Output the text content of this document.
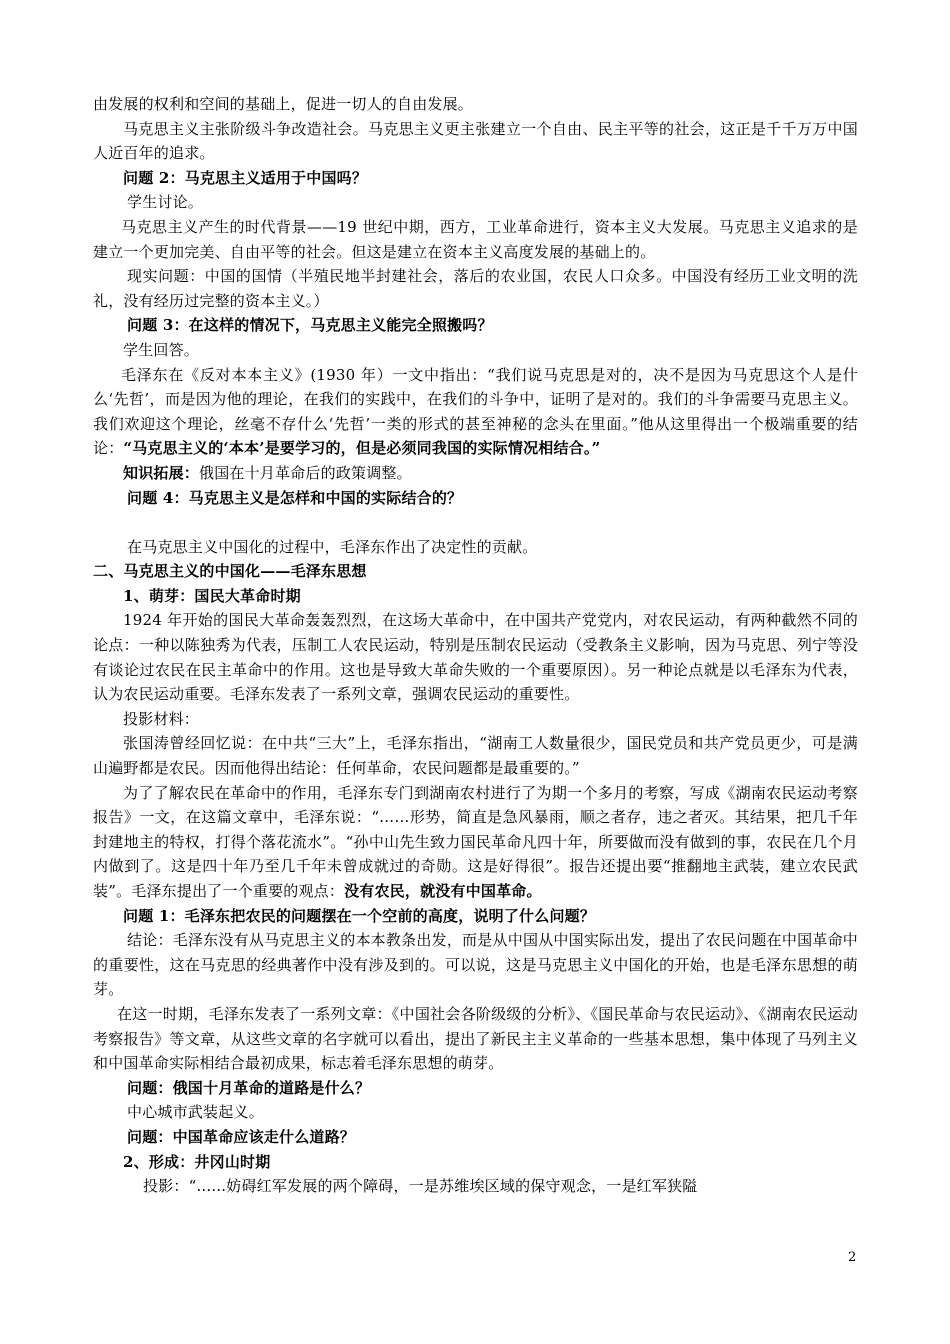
由发展的权利和空间的基础上，促进一切人的自由发展。

马克思主义主张阶级斗争改造社会。马克思主义更主张建立一个自由、民主平等的社会，这正是千千万万中国人近百年的追求。

问题 2：马克思主义适用于中国吗？

学生讨论。

马克思主义产生的时代背景——19 世纪中期，西方，工业革命进行，资本主义大发展。马克思主义追求的是建立一个更加完美、自由平等的社会。但这是建立在资本主义高度发展的基础上的。

现实问题：中国的国情（半殖民地半封建社会，落后的农业国，农民人口众多。中国没有经历工业文明的洗礼，没有经历过完整的资本主义。）

问题 3：在这样的情况下，马克思主义能完全照搬吗？

学生回答。

毛泽东在《反对本本主义》(1930 年）一文中指出：“我们说马克思是对的，决不是因为马克思这个人是什么‘先哲’，而是因为他的理论，在我们的实践中，在我们的斗争中，证明了是对的。我们的斗争需要马克思主义。我们欢迎这个理论，丝毫不存什么‘先哲’一类的形式的甚至神秘的念头在里面。”他从这里得出一个极端重要的结论：“马克思主义的‘本本’是要学习的，但是必须同我国的实际情况相结合。”

知识拓展：俄国在十月革命后的政策调整。

问题 4：马克思主义是怎样和中国的实际结合的？

在马克思主义中国化的过程中，毛泽东作出了决定性的贡献。

二、马克思主义的中国化——毛泽东思想

1、萌芽：国民大革命时期

1924 年开始的国民大革命轰轰烈烈，在这场大革命中，在中国共产党党内，对农民运动，有两种截然不同的论点：一种以陈独秀为代表，压制工人农民运动，特别是压制农民运动（受教条主义影响，因为马克思、列宁等没有谈论过农民在民主革命中的作用。这也是导致大革命失败的一个重要原因）。另一种论点就是以毛泽东为代表，认为农民运动重要。毛泽东发表了一系列文章，强调农民运动的重要性。

投影材料：

张国涛曾经回忆说：在中共“三大”上，毛泽东指出，“湖南工人数量很少，国民党员和共产党员更少，可是满山遍野都是农民。因而他得出结论：任何革命，农民问题都是最重要的。”

为了了解农民在革命中的作用，毛泽东专门到湖南农村进行了为期一个多月的考察，写成《湖南农民运动考察报告》一文，在这篇文章中，毛泽东说：“……形势，简直是急风暴雨，顺之者存，违之者灭。其结果，把几千年封建地主的特权，打得个落花流水”。“孙中山先生致力国民革命凡四十年，所要做而没有做到的事，农民在几个月内做到了。这是四十年乃至几千年未曾成就过的奇勋。这是好得很”。报告还提出要“推翻地主武装，建立农民武装”。毛泽东提出了一个重要的观点：没有农民，就没有中国革命。

问题 1：毛泽东把农民的问题摆在一个空前的高度，说明了什么问题？

结论：毛泽东没有从马克思主义的本本教条出发，而是从中国从中国实际出发，提出了农民问题在中国革命中的重要性，这在马克思的经典著作中没有涉及到的。可以说，这是马克思主义中国化的开始，也是毛泽东思想的萌芽。

在这一时期，毛泽东发表了一系列文章：《中国社会各阶级级的分析》、《国民革命与农民运动》、《湖南农民运动考察报告》等文章，从这些文章的名字就可以看出，提出了新民主主义革命的一些基本思想，集中体现了马列主义和中国革命实际相结合最初成果，标志着毛泽东思想的萌芽。

问题：俄国十月革命的道路是什么？

中心城市武装起义。

问题：中国革命应该走什么道路？

2、形成：井冈山时期

投影：“......妨碍红军发展的两个障碍，一是苏维埃区域的保守观念，一是红军狭隘

2
